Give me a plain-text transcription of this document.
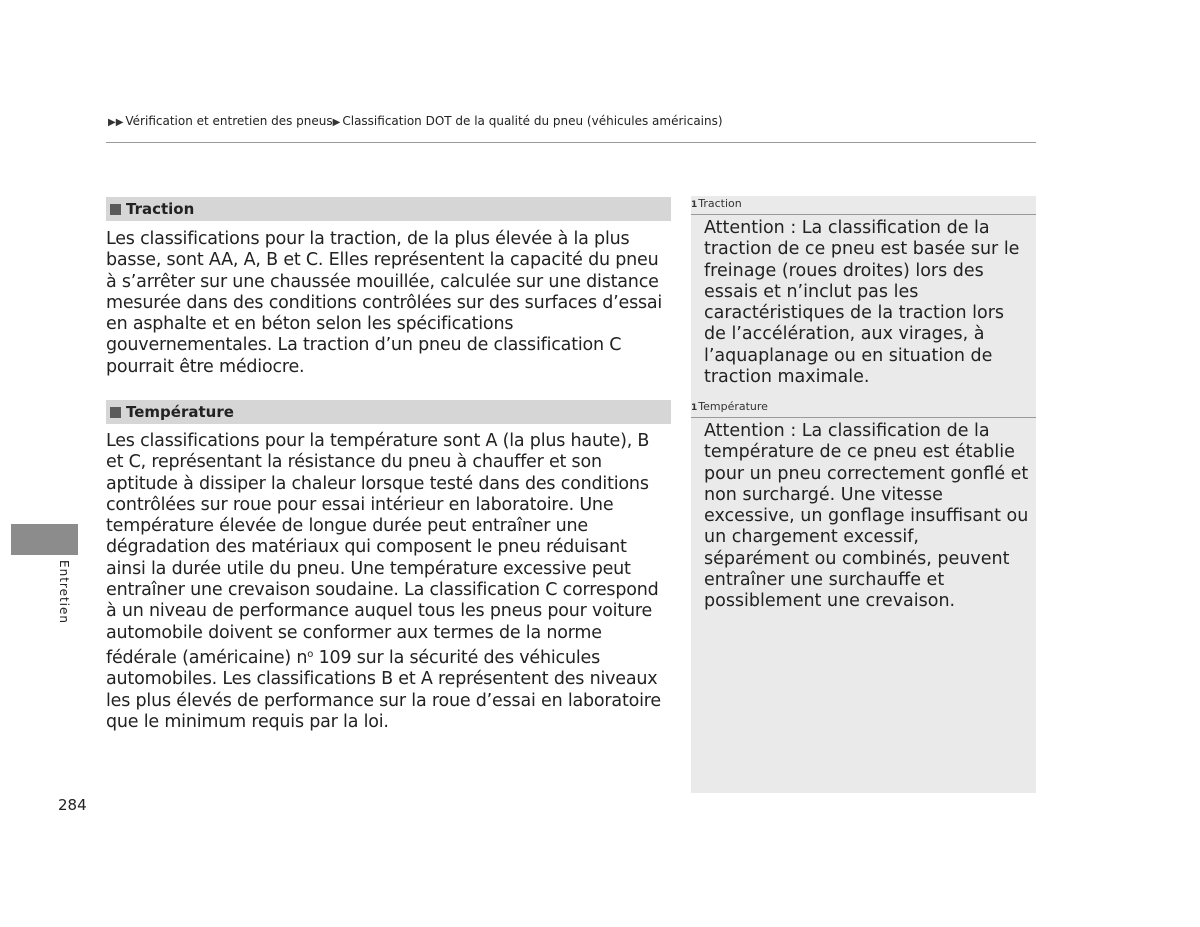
▶▶ Vérification et entretien des pneus▶ Classification DOT de la qualité du pneu (véhicules américains)
Traction
Les classifications pour la traction, de la plus élevée à la plus basse, sont AA, A, B et C. Elles représentent la capacité du pneu à s’arrêter sur une chaussée mouillée, calculée sur une distance mesurée dans des conditions contrôlées sur des surfaces d’essai en asphalte et en béton selon les spécifications gouvernementales. La traction d’un pneu de classification C pourrait être médiocre.
Température
Les classifications pour la température sont A (la plus haute), B et C, représentant la résistance du pneu à chauffer et son aptitude à dissiper la chaleur lorsque testé dans des conditions contrôlées sur roue pour essai intérieur en laboratoire. Une température élevée de longue durée peut entraîner une dégradation des matériaux qui composent le pneu réduisant ainsi la durée utile du pneu. Une température excessive peut entraîner une crevaison soudaine. La classification C correspond à un niveau de performance auquel tous les pneus pour voiture automobile doivent se conformer aux termes de la norme fédérale (américaine) $n^o$ 109 sur la sécurité des véhicules automobiles. Les classifications B et A représentent des niveaux les plus élevés de performance sur la roue d’essai en laboratoire que le minimum requis par la loi.
1Traction
Attention : La classification de la traction de ce pneu est basée sur le freinage (roues droites) lors des essais et n’inclut pas les caractéristiques de la traction lors de l’accélération, aux virages, à l’aquaplanage ou en situation de traction maximale.
1Température
Attention : La classification de la température de ce pneu est établie pour un pneu correctement gonflé et non surchargé. Une vitesse excessive, un gonflage insuffisant ou un chargement excessif, séparément ou combinés, peuvent entraîner une surchauffe et possiblement une crevaison.
Entretien
284
